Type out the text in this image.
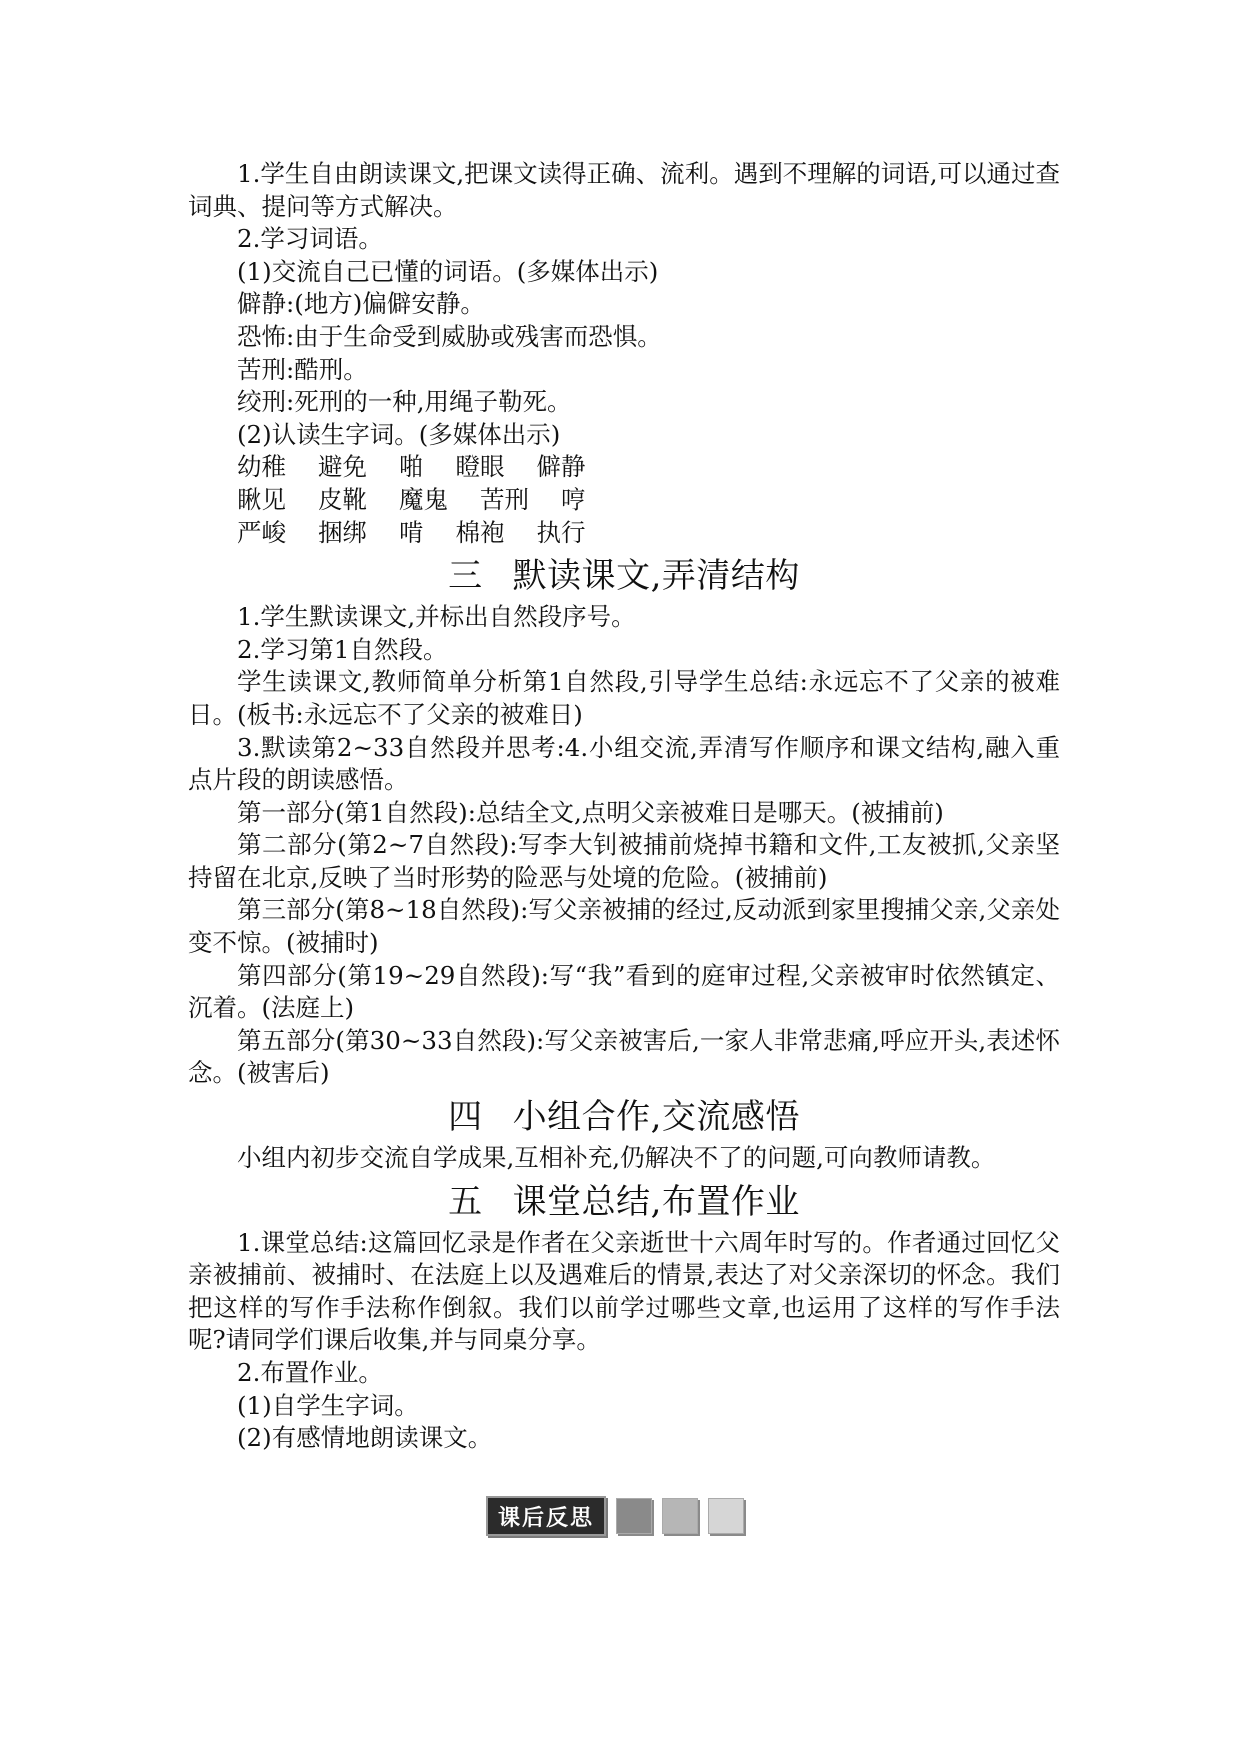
1.学生自由朗读课文,把课文读得正确、流利。遇到不理解的词语,可以通过查词典、提问等方式解决。

2.学习词语。

(1)交流自己已懂的词语。(多媒体出示)

僻静:(地方)偏僻安静。

恐怖:由于生命受到威胁或残害而恐惧。

苦刑:酷刑。

绞刑:死刑的一种,用绳子勒死。

(2)认读生字词。(多媒体出示)

幼稚 避免 啪 瞪眼 僻静
瞅见 皮靴 魔鬼 苦刑 哼
严峻 捆绑 啃 棉袍 执行
三 默读课文,弄清结构

1.学生默读课文,并标出自然段序号。

2.学习第1自然段。

学生读课文,教师简单分析第1自然段,引导学生总结:永远忘不了父亲的被难日。(板书:永远忘不了父亲的被难日)

3.默读第2~33自然段并思考:4.小组交流,弄清写作顺序和课文结构,融入重点片段的朗读感悟。

第一部分(第1自然段):总结全文,点明父亲被难日是哪天。(被捕前)

第二部分(第2~7自然段):写李大钊被捕前烧掉书籍和文件,工友被抓,父亲坚持留在北京,反映了当时形势的险恶与处境的危险。(被捕前)

第三部分(第8~18自然段):写父亲被捕的经过,反动派到家里搜捕父亲,父亲处变不惊。(被捕时)

第四部分(第19~29自然段):写“我”看到的庭审过程,父亲被审时依然镇定、沉着。(法庭上)

第五部分(第30~33自然段):写父亲被害后,一家人非常悲痛,呼应开头,表述怀念。(被害后)

四 小组合作,交流感悟

小组内初步交流自学成果,互相补充,仍解决不了的问题,可向教师请教。

五 课堂总结,布置作业

1.课堂总结:这篇回忆录是作者在父亲逝世十六周年时写的。作者通过回忆父亲被捕前、被捕时、在法庭上以及遇难后的情景,表达了对父亲深切的怀念。我们把这样的写作手法称作倒叙。我们以前学过哪些文章,也运用了这样的写作手法呢?请同学们课后收集,并与同桌分享。

2.布置作业。

(1)自学生字词。

(2)有感情地朗读课文。

课后反思
